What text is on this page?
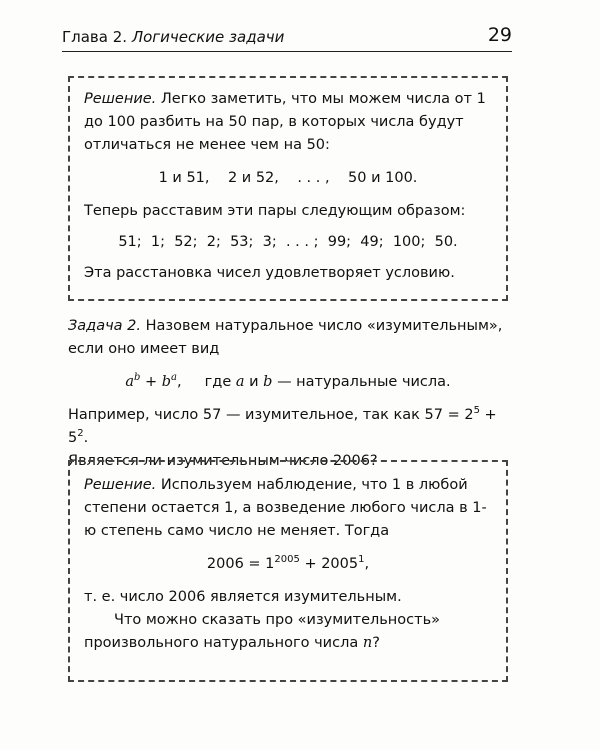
Глава 2. Логические задачи	29

Решение. Легко заметить, что мы можем числа от 1 до 100 разбить на 50 пар, в которых числа будут отличаться не менее чем на 50:

1 и 51,    2 и 52,    . . . ,    50 и 100.

Теперь расставим эти пары следующим образом:

51;  1;  52;  2;  53;  3;  . . . ;  99;  49;  100;  50.

Эта расстановка чисел удовлетворяет условию.

Задача 2. Назовем натуральное число «изумительным», если оно имеет вид

$a^b + b^a$,     где a и b — натуральные числа.

Например, число 57 — изумительное, так как $57 = 2^5 + 5^2$.

Является ли изумительным число 2006?

Решение. Используем наблюдение, что 1 в любой степени остается 1, а возведение любого числа в 1-ю степень само число не меняет. Тогда

$2006 = 1^{2005} + 2005^1$,

т. е. число 2006 является изумительным.

Что можно сказать про «изумительность» произвольного натурального числа n?
